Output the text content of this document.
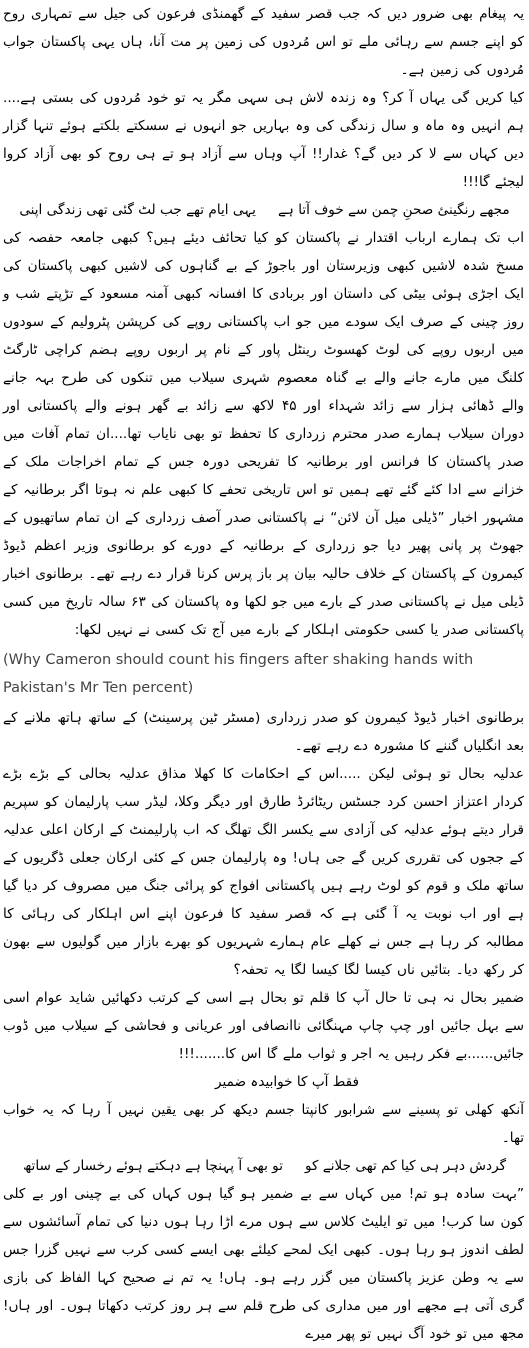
یہ پیغام بھی ضرور دیں کہ جب قصر سفید کے گھمنڈی فرعون کی جیل سے تمہاری روح کو اپنے جسم سے رہائی ملے تو اس مُردوں کی زمین پر مت آنا، ہاں یہی پاکستان جواب مُردوں کی زمین ہے۔

کیا کریں گی یہاں آ کر؟ وہ زندہ لاش ہی سہی مگر یہ تو خود مُردوں کی بستی ہے.... ہم انہیں وہ ماہ و سال زندگی کی وہ بہاریں جو انہوں نے سسکتے بلکتے ہوئے تنہا گزار دیں کہاں سے لا کر دیں گے؟ غدار!! آپ وہاں سے آزاد ہو تے ہی روح کو بھی آزاد کروا لیجئے گا!!!

مجھے رنگینئ صحنِ چمن سے خوف آتا ہے
یہی ایام تھے جب لٹ گئی تھی زندگی اپنی

اب تک ہمارے ارباب اقتدار نے پاکستان کو کیا تحائف دیئے ہیں؟ کبھی جامعہ حفصہ کی مسخ شدہ لاشیں کبھی وزیرستان اور باجوڑ کے بے گناہوں کی لاشیں کبھی پاکستان کی ایک اجڑی ہوئی بیٹی کی داستان اور بربادی کا افسانہ کبھی آمنہ مسعود کے تڑپتے شب و روز چینی کے صرف ایک سودے میں جو اب پاکستانی روپے کی کرپشن پٹرولیم کے سودوں میں اربوں روپے کی لوٹ کھسوٹ رینٹل پاور کے نام پر اربوں روپے ہضم کراچی ٹارگٹ کلنگ میں مارے جانے والے بے گناہ معصوم شہری سیلاب میں تنکوں کی طرح بہہ جانے والے ڈھائی ہزار سے زائد شہداء اور ۴۵ لاکھ سے زائد بے گھر ہونے والے پاکستانی اور دوران سیلاب ہمارے صدر محترم زرداری کا تحفظ تو بھی نایاب تھا....ان تمام آفات میں صدر پاکستان کا فرانس اور برطانیہ کا تفریحی دورہ جس کے تمام اخراجات ملک کے خزانے سے ادا کئے گئے تھے ہمیں تو اس تاریخی تحفے کا کبھی علم نہ ہوتا اگر برطانیہ کے مشہور اخبار ”ڈیلی میل آن لائن“ نے پاکستانی صدر آصف زرداری کے ان تمام ساتھیوں کے جھوٹ پر پانی پھیر دیا جو زرداری کے برطانیہ کے دورے کو برطانوی وزیر اعظم ڈیوڈ کیمرون کے پاکستان کے خلاف حالیہ بیان پر باز پرس کرنا قرار دے رہے تھے۔ برطانوی اخبار ڈیلی میل نے پاکستانی صدر کے بارے میں جو لکھا وہ پاکستان کی ۶۳ سالہ تاریخ میں کسی پاکستانی صدر یا کسی حکومتی اہلکار کے بارے میں آج تک کسی نے نہیں لکھا:

(Why Cameron should count his fingers after shaking hands with Pakistan's Mr Ten percent)

برطانوی اخبار ڈیوڈ کیمرون کو صدر زرداری (مسٹر ٹین پرسینٹ) کے ساتھ ہاتھ ملانے کے بعد انگلیاں گننے کا مشورہ دے رہے تھے۔

عدلیہ بحال تو ہوئی لیکن .....اس کے احکامات کا کھلا مذاق عدلیہ بحالی کے بڑے بڑے کردار اعتزاز احسن کرد جسٹس ریٹائرڈ طارق اور دیگر وکلا، لیڈر سب پارلیمان کو سپریم قرار دیتے ہوئے عدلیہ کی آزادی سے یکسر الگ تھلگ کہ اب پارلیمنٹ کے ارکان اعلی عدلیہ کے ججوں کی تقرری کریں گے جی ہاں! وہ پارلیمان جس کے کئی ارکان جعلی ڈگریوں کے ساتھ ملک و قوم کو لوٹ رہے ہیں پاکستانی افواج کو پرائی جنگ میں مصروف کر دیا گیا ہے اور اب نوبت یہ آ گئی ہے کہ قصر سفید کا فرعون اپنے اس اہلکار کی رہائی کا مطالبہ کر رہا ہے جس نے کھلے عام ہمارے شہریوں کو بھرے بازار میں گولیوں سے بھون کر رکھ دیا۔ بتائیں ناں کیسا لگا کیسا لگا یہ تحفہ؟

ضمیر بحال نہ ہی تا حال آپ کا قلم تو بحال ہے اسی کے کرتب دکھائیں شاید عوام اسی سے بہل جائیں اور چپ چاپ مہنگائی ناانصافی اور عریانی و فحاشی کے سیلاب میں ڈوب جائیں......بے فکر رہیں یہ اجر و ثواب ملے گا اس کا.......!!!

فقط آپ کا خوابیدہ ضمیر

آنکھ کھلی تو پسینے سے شرابور کانپتا جسم دیکھ کر بھی یقین نہیں آ رہا کہ یہ خواب تھا۔

گردش دہر ہی کیا کم تھی جلانے کو
تو بھی آ پہنچا ہے دہکتے ہوئے رخسار کے ساتھ

”بہت سادہ ہو تم! میں کہاں سے بے ضمیر ہو گیا ہوں کہاں کی بے چینی اور بے کلی کون سا کرب! میں تو ایلیٹ کلاس سے ہوں مرے اڑا رہا ہوں دنیا کی تمام آسائشوں سے لطف اندوز ہو رہا ہوں۔ کبھی ایک لمحے کیلئے بھی ایسے کسی کرب سے نہیں گزرا جس سے یہ وطن عزیز پاکستان میں گزر رہے ہو۔ ہاں! یہ تم نے صحیح کہا الفاظ کی بازی گری آتی ہے مجھے اور میں مداری کی طرح قلم سے ہر روز کرتب دکھاتا ہوں۔ اور ہاں! مجھ میں تو خود آگ نہیں تو پھر میرے
